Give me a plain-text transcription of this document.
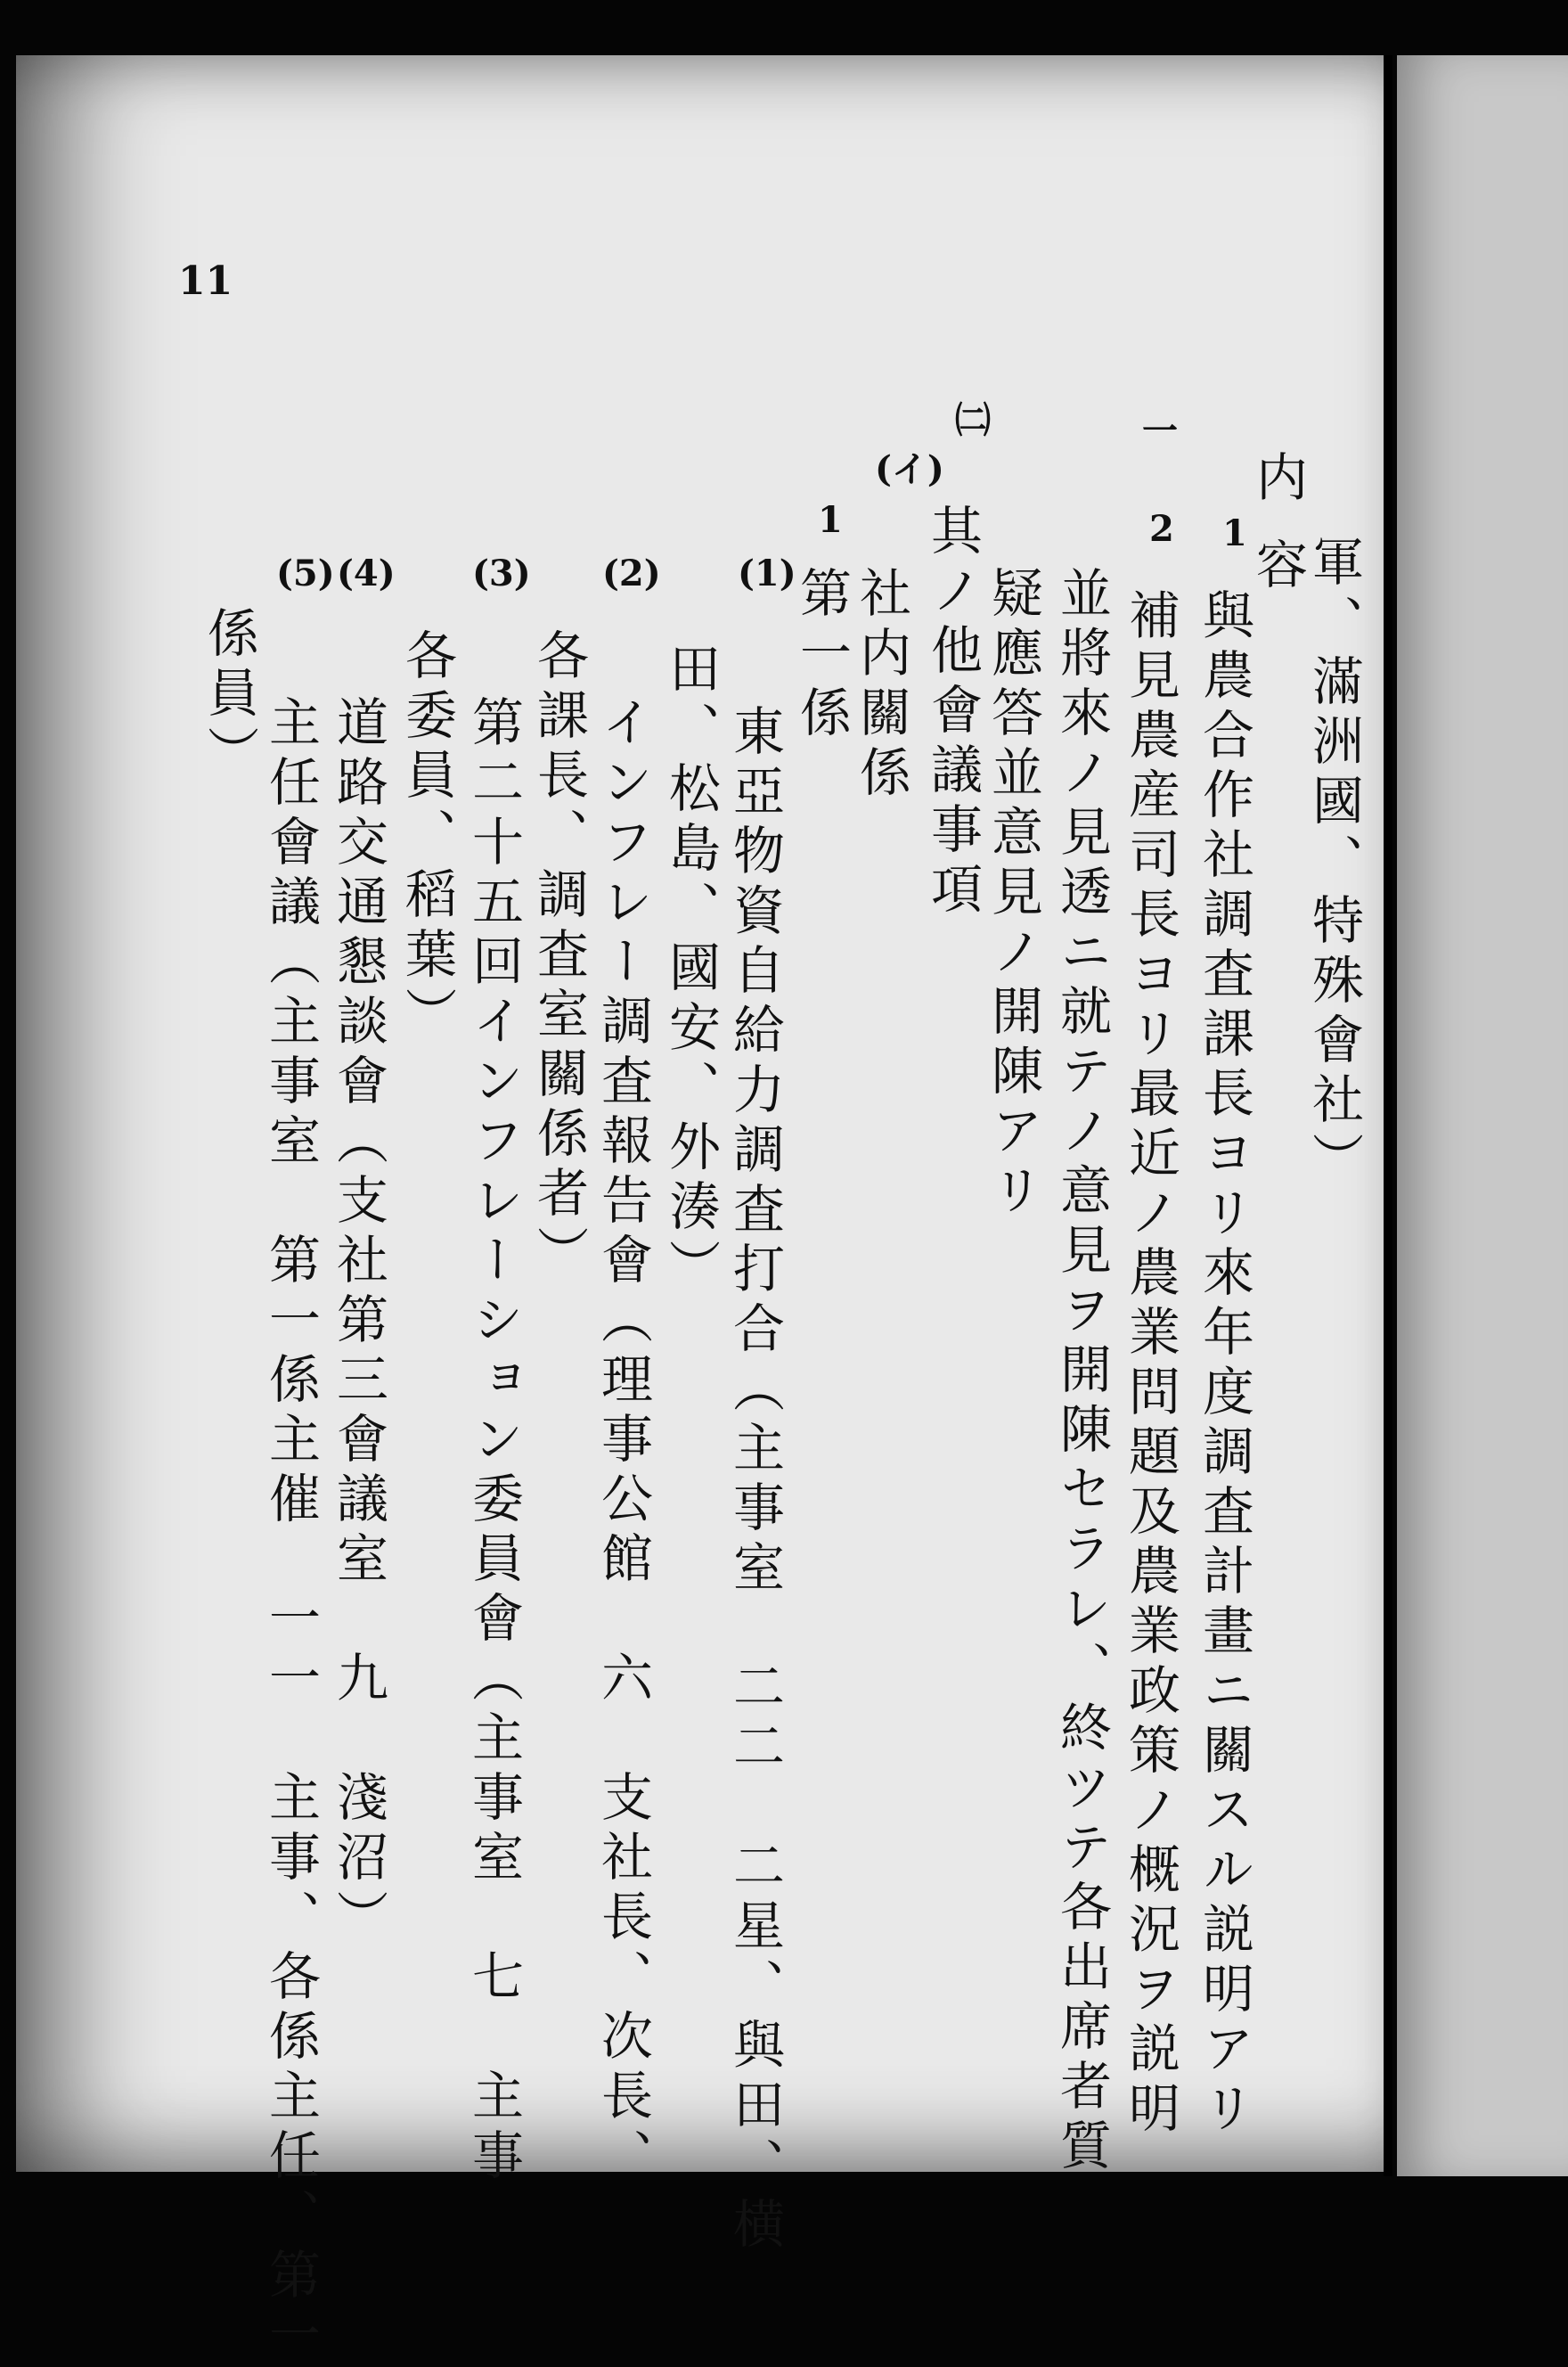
11
軍、滿洲國、特殊會社）
一
内容
1
與農合作社調査課長ヨリ來年度調査計畫ニ關スル説明アリ
2
補見農産司長ヨリ最近ノ農業問題及農業政策ノ概況ヲ説明
並將來ノ見透ニ就テノ意見ヲ開陳セラレ、終ツテ各出席者質
疑應答並意見ノ開陳アリ
㈡
其ノ他會議事項
(イ)
社内關係
1
第一係
(1)
東亞物資自給力調査打合（主事室　二二　二星、與田、横
田、松島、國安、外湊）
(2)
インフレー調査報告會（理事公館　六　支社長、次長、
各課長、調査室關係者）
(3)
第二十五回インフレーション委員會（主事室　七　主事
各委員、稻葉）
(4)
道路交通懇談會（支社第三會議室　九　淺沼）
(5)
主任會議（主事室　第一係主催　一一　主事、各係主任、第一
係員）
